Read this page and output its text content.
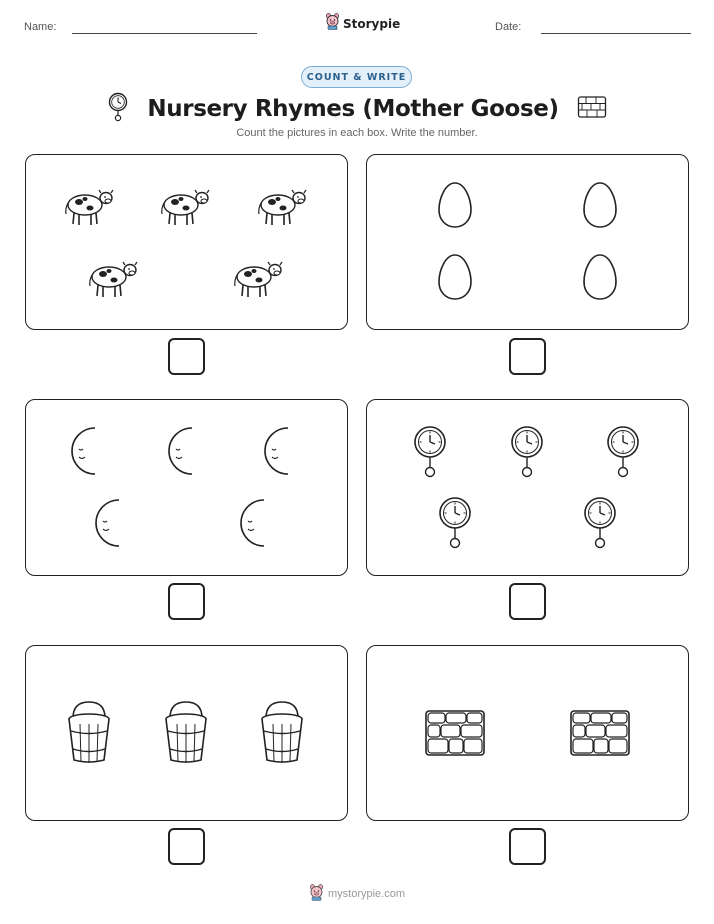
Name:	Storypie	Date:
COUNT & WRITE
Nursery Rhymes (Mother Goose)
Count the pictures in each box. Write the number.
mystorypie.com
